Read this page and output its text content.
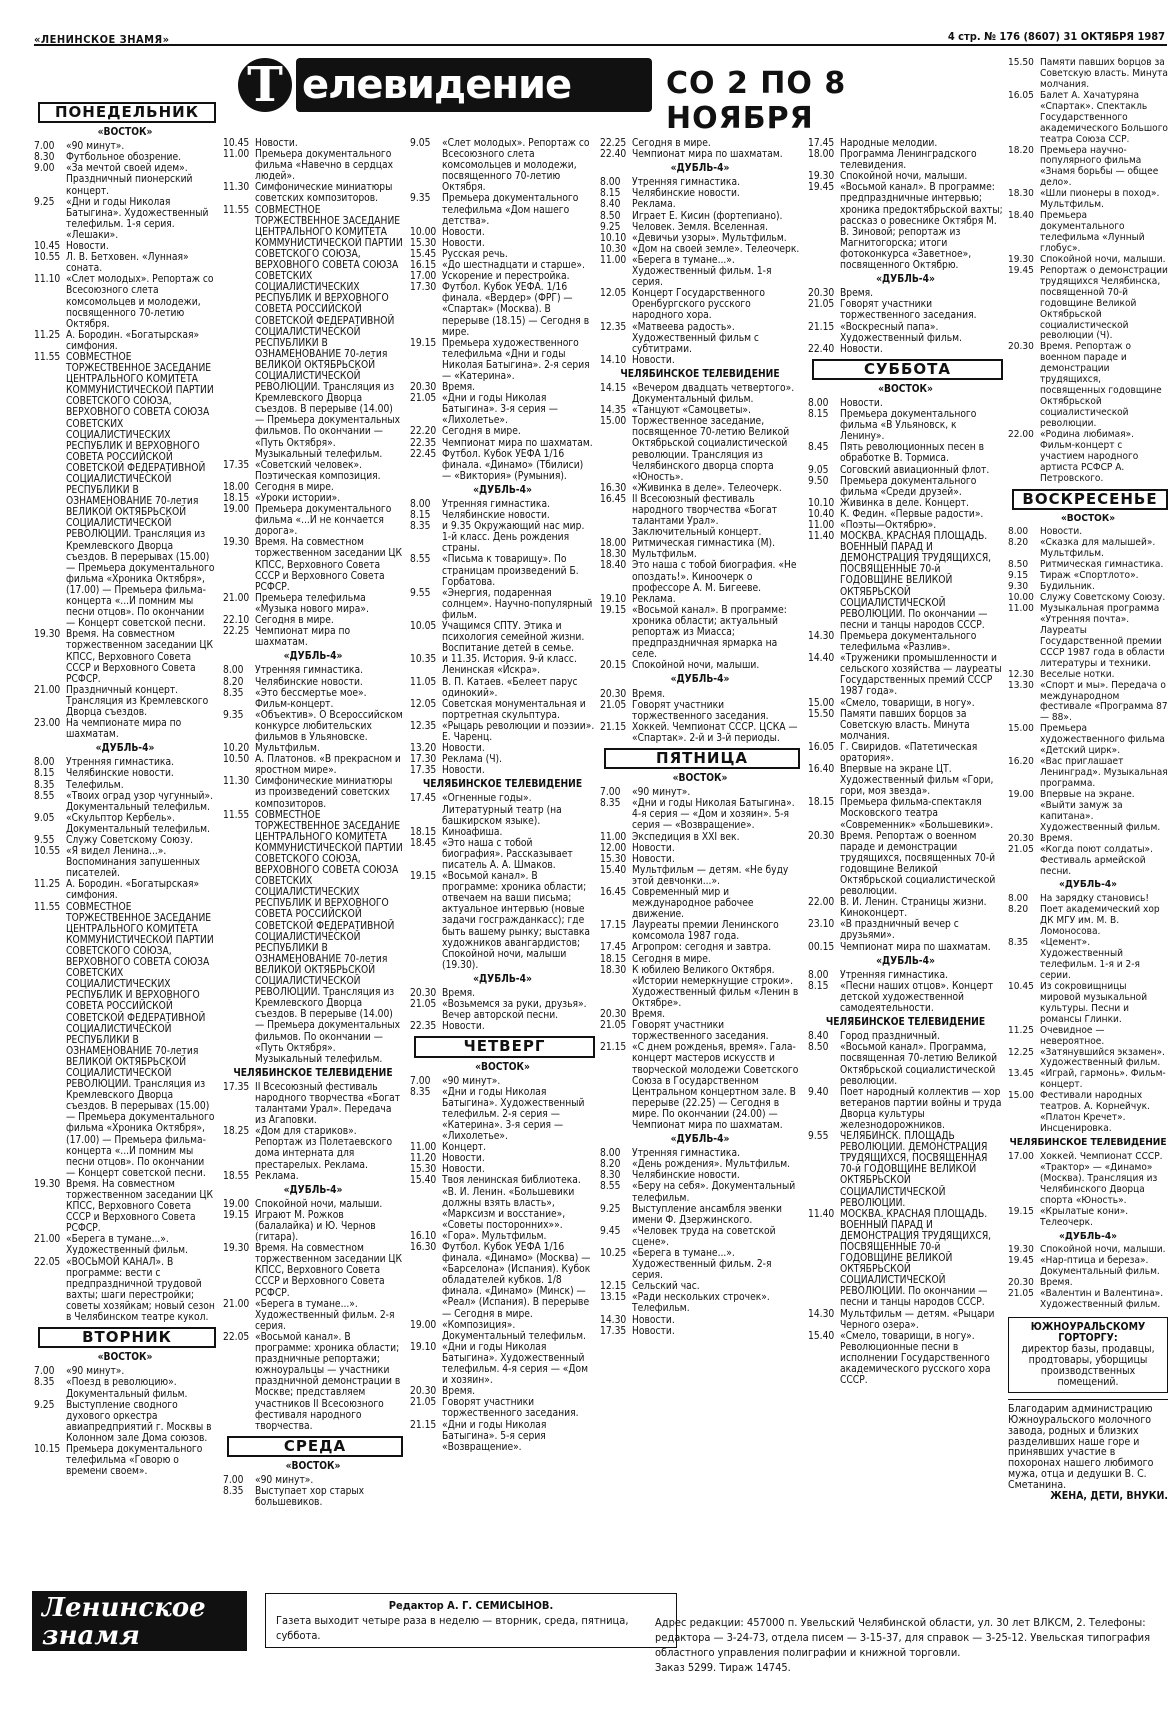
«ЛЕНИНСКОЕ ЗНАМЯ»	4 стр. № 176 (8607) 31 ОКТЯБРЯ 1987
Т елевидение	СО 2 ПО 8 НОЯБРЯ
ПОНЕДЕЛЬНИК
«ВОСТОК»
7.00	«90 минут».
8.30	Футбольное обозрение.
9.00	«За мечтой своей идем». Праздничный пионерский концерт.
9.25	«Дни и годы Николая Батыгина». Художественный телефильм. 1-я серия. «Лешаки».
10.45 Новости.
10.55 Л. В. Бетховен. «Лунная» соната.
11.10 «Слет молодых». Репортаж со Всесоюзного слета комсомольцев и молодежи, посвященного 70-летию Октября.
11.25 А. Бородин. «Богатырская» симфония.
11.55 СОВМЕСТНОЕ ТОРЖЕСТВЕННОЕ ЗАСЕДАНИЕ ЦЕНТРАЛЬНОГО КОМИТЕТА КОММУНИСТИЧЕСКОЙ ПАРТИИ СОВЕТСКОГО СОЮЗА, ВЕРХОВНОГО СОВЕТА СОЮЗА СОВЕТСКИХ СОЦИАЛИСТИЧЕСКИХ РЕСПУБЛИК И ВЕРХОВНОГО СОВЕТА РОССИЙСКОЙ СОВЕТСКОЙ ФЕДЕРАТИВНОЙ СОЦИАЛИСТИЧЕСКОЙ РЕСПУБЛИКИ В ОЗНАМЕНОВАНИЕ 70-летия ВЕЛИКОЙ ОКТЯБРЬСКОЙ СОЦИАЛИСТИЧЕСКОЙ РЕВОЛЮЦИИ. Трансляция из Кремлевского Дворца съездов. В перерывах (15.00) — Премьера документального фильма «Хроника Октября», (17.00) — Премьера фильма-концерта «...И помним мы песни отцов». По окончании — Концерт советской песни.
19.30 Время. На совместном торжественном заседании ЦК КПСС, Верховного Совета СССР и Верховного Совета РСФСР.
21.00 Праздничный концерт. Трансляция из Кремлевского Дворца съездов.
23.00 На чемпионате мира по шахматам.
«ДУБЛЬ-4»
8.00	Утренняя гимнастика.
8.15	Челябинские новости.
8.35	Телефильм.
8.55	«Твоих оград узор чугунный». Документальный телефильм.
9.05	«Скульптор Кербель». Документальный телефильм.
9.55	Служу Советскому Союзу.
10.55 «Я видел Ленина...». Воспоминания запушенных писателей.
11.25 А. Бородин. «Богатырская» симфония.
11.55 СОВМЕСТНОЕ ТОРЖЕСТВЕННОЕ ЗАСЕДАНИЕ ЦЕНТРАЛЬНОГО КОМИТЕТА КОММУНИСТИЧЕСКОЙ ПАРТИИ СОВЕТСКОГО СОЮЗА, ВЕРХОВНОГО СОВЕТА СОЮЗА СОВЕТСКИХ СОЦИАЛИСТИЧЕСКИХ РЕСПУБЛИК И ВЕРХОВНОГО СОВЕТА РОССИЙСКОЙ СОВЕТСКОЙ ФЕДЕРАТИВНОЙ СОЦИАЛИСТИЧЕСКОЙ РЕСПУБЛИКИ В ОЗНАМЕНОВАНИЕ 70-летия ВЕЛИКОЙ ОКТЯБРЬСКОЙ СОЦИАЛИСТИЧЕСКОЙ РЕВОЛЮЦИИ. Трансляция из Кремлевского Дворца съездов. В перерывах (15.00) — Премьера документального фильма «Хроника Октября», (17.00) — Премьера фильма-концерта «...И помним мы песни отцов». По окончании — Концерт советской песни.
19.30 Время. На совместном торжественном заседании ЦК КПСС, Верховного Совета СССР и Верховного Совета РСФСР.
21.00 «Берега в тумане...». Художественный фильм.
22.05 «ВОСЬМОЙ КАНАЛ». В программе: вести с предпраздничной трудовой вахты; шаги перестройки; советы хозяйкам; новый сезон в Челябинском театре кукол.
ВТОРНИК
«ВОСТОК»
7.00	«90 минут».
8.35	«Поезд в революцию». Документальный фильм.
9.25	Выступление сводного духового оркестра авиапредприятий г. Москвы в Колонном зале Дома союзов.
10.15 Премьера документального телефильма «Говорю о времени своем».
10.45 Новости.
11.00 Премьера документального фильма «Навечно в сердцах людей».
11.30 Симфонические миниатюры советских композиторов.
11.55 СОВМЕСТНОЕ ТОРЖЕСТВЕННОЕ ЗАСЕДАНИЕ ЦЕНТРАЛЬНОГО КОМИТЕТА КОММУНИСТИЧЕСКОЙ ПАРТИИ СОВЕТСКОГО СОЮЗА, ВЕРХОВНОГО СОВЕТА СОЮЗА СОВЕТСКИХ СОЦИАЛИСТИЧЕСКИХ РЕСПУБЛИК И ВЕРХОВНОГО СОВЕТА РОССИЙСКОЙ СОВЕТСКОЙ ФЕДЕРАТИВНОЙ СОЦИАЛИСТИЧЕСКОЙ РЕСПУБЛИКИ В ОЗНАМЕНОВАНИЕ 70-летия ВЕЛИКОЙ ОКТЯБРЬСКОЙ СОЦИАЛИСТИЧЕСКОЙ РЕВОЛЮЦИИ. Трансляция из Кремлевского Дворца съездов. В перерыве (14.00) — Премьера документальных фильмов. По окончании — «Путь Октября». Музыкальный телефильм.
17.35 «Советский человек». Поэтическая композиция.
18.00 Сегодня в мире.
18.15 «Уроки истории».
19.00 Премьера документального фильма «...И не кончается дорога».
19.30 Время. На совместном торжественном заседании ЦК КПСС, Верховного Совета СССР и Верховного Совета РСФСР.
21.00 Премьера телефильма «Музыка нового мира».
22.10 Сегодня в мире.
22.25 Чемпионат мира по шахматам.
«ДУБЛЬ-4»
8.00	Утренняя гимнастика.
8.20	Челябинские новости.
8.35	«Это бессмертье мое». Фильм-концерт.
9.35	«Объектив». О Всероссийском конкурсе любительских фильмов в Ульяновске.
10.20 Мультфильм.
10.50 А. Платонов. «В прекрасном и яростном мире».
11.30 Симфонические миниатюры из произведений советских композиторов.
11.55 СОВМЕСТНОЕ ТОРЖЕСТВЕННОЕ ЗАСЕДАНИЕ ЦЕНТРАЛЬНОГО КОМИТЕТА КОММУНИСТИЧЕСКОЙ ПАРТИИ СОВЕТСКОГО СОЮЗА, ВЕРХОВНОГО СОВЕТА СОЮЗА СОВЕТСКИХ СОЦИАЛИСТИЧЕСКИХ РЕСПУБЛИК И ВЕРХОВНОГО СОВЕТА РОССИЙСКОЙ СОВЕТСКОЙ ФЕДЕРАТИВНОЙ СОЦИАЛИСТИЧЕСКОЙ РЕСПУБЛИКИ В ОЗНАМЕНОВАНИЕ 70-летия ВЕЛИКОЙ ОКТЯБРЬСКОЙ СОЦИАЛИСТИЧЕСКОЙ РЕВОЛЮЦИИ. Трансляция из Кремлевского Дворца съездов. В перерыве (14.00) — Премьера документальных фильмов. По окончании — «Путь Октября». Музыкальный телефильм.
ЧЕЛЯБИНСКОЕ ТЕЛЕВИДЕНИЕ
17.35 II Всесоюзный фестиваль народного творчества «Богат талантами Урал». Передача из Агаповки.
18.25 «Дом для стариков». Репортаж из Полетаевского дома интерната для престарелых. Реклама.
18.55 Реклама.
«ДУБЛЬ-4»
19.00 Спокойной ночи, малыши.
19.15 Играют М. Рожков (балалайка) и Ю. Чернов (гитара).
19.30 Время. На совместном торжественном заседании ЦК КПСС, Верховного Совета СССР и Верховного Совета РСФСР.
21.00 «Берега в тумане...». Художественный фильм. 2-я серия.
22.05 «Восьмой канал». В программе: хроника области; праздничные репортажи; южноуральцы — участники праздничной демонстрации в Москве; представляем участников II Всесоюзного фестиваля народного творчества.
СРЕДА
«ВОСТОК»
7.00	«90 минут».
8.35	Выступает хор старых большевиков.
9.05	«Слет молодых». Репортаж со Всесоюзного слета комсомольцев и молодежи, посвященного 70-летию Октября.
9.35	Премьера документального телефильма «Дом нашего детства».
10.00 Новости.
15.30 Новости.
15.45 Русская речь.
16.15 «До шестнадцати и старше».
17.00 Ускорение и перестройка.
17.30 Футбол. Кубок УЕФА. 1/16 финала. «Вердер» (ФРГ) — «Спартак» (Москва). В перерыве (18.15) — Сегодня в мире.
19.15 Премьера художественного телефильма «Дни и годы Николая Батыгина». 2-я серия — «Катерина».
20.30 Время.
21.05 «Дни и годы Николая Батыгина». 3-я серия — «Лихолетье».
22.20 Сегодня в мире.
22.35 Чемпионат мира по шахматам.
22.45 Футбол. Кубок УЕФА 1/16 финала. «Динамо» (Тбилиси) — «Виктория» (Румыния).
«ДУБЛЬ-4»
8.00	Утренняя гимнастика.
8.15	Челябинские новости.
8.35	и 9.35 Окружающий нас мир. 1-й класс. День рождения страны.
8.55	«Письма к товарищу». По страницам произведений Б. Горбатова.
9.55	«Энергия, подаренная солнцем». Научно-популярный фильм.
10.05 Учащимся СПТУ. Этика и психология семейной жизни. Воспитание детей в семье.
10.35 и 11.35. История. 9-й класс. Ленинская «Искра».
11.05 В. П. Катаев. «Белеет парус одинокий».
12.05 Советская монументальная и портретная скульптура.
12.35 «Рыцарь революции и поэзии». Е. Чаренц.
13.20 Новости.
17.30 Реклама (Ч).
17.35 Новости.
ЧЕЛЯБИНСКОЕ ТЕЛЕВИДЕНИЕ
17.45 «Огненные годы». Литературный театр (на башкирском языке).
18.15 Киноафиша.
18.45 «Это наша с тобой биография». Рассказывает писатель А. А. Шмаков.
19.15 «Восьмой канал». В программе: хроника области; отвечаем на ваши письма; актуальное интервью (новые задачи госгражданкасс); где быть вашему рынку; выставка художников авангардистов; Спокойной ночи, малыши (19.30).
«ДУБЛЬ-4»
20.30 Время.
21.05 «Возьмемся за руки, друзья». Вечер авторской песни.
22.35 Новости.
ЧЕТВЕРГ
«ВОСТОК»
7.00	«90 минут».
8.35	«Дни и годы Николая Батыгина». Художественный телефильм. 2-я серия — «Катерина». 3-я серия — «Лихолетье».
11.00 Концерт.
11.20 Новости.
15.30 Новости.
15.40 Твоя ленинская библиотека. «В. И. Ленин. «Большевики должны взять власть», «Марксизм и восстание», «Советы посторонних»».
16.10 «Гора». Мультфильм.
16.30 Футбол. Кубок УЕФА 1/16 финала. «Динамо» (Москва) — «Барселона» (Испания). Кубок обладателей кубков. 1/8 финала. «Динамо» (Минск) — «Реал» (Испания). В перерыве — Сегодня в мире.
19.00 «Композиция». Документальный телефильм.
19.10 «Дни и годы Николая Батыгина». Художественный телефильм. 4-я серия — «Дом и хозяин».
20.30 Время.
21.05 Говорят участники торжественного заседания.
21.15 «Дни и годы Николая Батыгина». 5-я серия «Возвращение».
22.25 Сегодня в мире.
22.40 Чемпионат мира по шахматам.
«ДУБЛЬ-4»
8.00	Утренняя гимнастика.
8.15	Челябинские новости.
8.40	Реклама.
8.50	Играет Е. Кисин (фортепиано).
9.25	Человек. Земля. Вселенная.
10.10 «Девичьи узоры». Мультфильм.
10.30 «Дом на своей земле». Телеочерк.
11.00 «Берега в тумане...». Художественный фильм. 1-я серия.
12.05 Концерт Государственного Оренбургского русского народного хора.
12.35 «Матвеева радость». Художественный фильм с субтитрами.
14.10 Новости.
ЧЕЛЯБИНСКОЕ ТЕЛЕВИДЕНИЕ
14.15 «Вечером двадцать четвертого». Документальный фильм.
14.35 «Танцуют «Самоцветы».
15.00 Торжественное заседание, посвященное 70-летию Великой Октябрьской социалистической революции. Трансляция из Челябинского дворца спорта «Юность».
16.30 «Живинка в деле». Телеочерк.
16.45 II Всесоюзный фестиваль народного творчества «Богат талантами Урал». Заключительный концерт.
18.00 Ритмическая гимнастика (М).
18.30 Мультфильм.
18.40 Это наша с тобой биография. «Не опоздать!». Киноочерк о профессоре А. М. Бигееве.
19.10 Реклама.
19.15 «Восьмой канал». В программе: хроника области; актуальный репортаж из Миасса; предпраздничная ярмарка на селе.
20.15 Спокойной ночи, малыши.
«ДУБЛЬ-4»
20.30 Время.
21.05 Говорят участники торжественного заседания.
21.15 Хоккей. Чемпионат СССР. ЦСКА — «Спартак». 2-й и 3-й периоды.
ПЯТНИЦА
«ВОСТОК»
7.00	«90 минут».
8.35	«Дни и годы Николая Батыгина». 4-я серия — «Дом и хозяин». 5-я серия — «Возвращение».
11.00 Экспедиция в XXI век.
12.00 Новости.
15.30 Новости.
15.40 Мультфильм — детям. «Не буду этой девчонки...».
16.45 Современный мир и международное рабочее движение.
17.15 Лауреаты премии Ленинского комсомола 1987 года.
17.45 Агропром: сегодня и завтра.
18.15 Сегодня в мире.
18.30 К юбилею Великого Октября. «Истории немеркнущие строки». Художественный фильм «Ленин в Октябре».
20.30 Время.
21.05 Говорят участники торжественного заседания.
21.15 «С днем рожденья, время». Гала-концерт мастеров искусств и творческой молодежи Советского Союза в Государственном Центральном концертном зале. В перерыве (22.25) — Сегодня в мире. По окончании (24.00) — Чемпионат мира по шахматам.
«ДУБЛЬ-4»
8.00	Утренняя гимнастика.
8.20	«День рождения». Мультфильм.
8.30	Челябинские новости.
8.55	«Беру на себя». Документальный телефильм.
9.25	Выступление ансамбля эвенки имени Ф. Дзержинского.
9.45	«Человек труда на советской сцене».
10.25 «Берега в тумане...». Художественный фильм. 2-я серия.
12.15 Сельский час.
13.15 «Ради нескольких строчек». Телефильм.
14.30 Новости.
17.35 Новости.
17.45 Народные мелодии.
18.00 Программа Ленинградского телевидения.
19.30 Спокойной ночи, малыши.
19.45 «Восьмой канал». В программе: предпраздничные интервью; хроника предоктябрьской вахты; рассказ о ровеснике Октября М. В. Зиновой; репортаж из Магнитогорска; итоги фотоконкурса «Заветное», посвященного Октябрю.
«ДУБЛЬ-4»
20.30 Время.
21.05 Говорят участники торжественного заседания.
21.15 «Воскресный папа». Художественный фильм.
22.40 Новости.
СУББОТА
«ВОСТОК»
8.00	Новости.
8.15	Премьера документального фильма «В Ульяновск, к Ленину».
8.45	Пять революционных песен в обработке В. Тормиса.
9.05	Соговский авиационный флот.
9.50	Премьера документального фильма «Среди друзей».
10.10 Живинка в деле. Концерт.
10.40 К. Федин. «Первые радости».
11.00 «Поэты—Октябрю».
11.40 МОСКВА. КРАСНАЯ ПЛОЩАДЬ. ВОЕННЫЙ ПАРАД И ДЕМОНСТРАЦИЯ ТРУДЯЩИХСЯ, ПОСВЯЩЕННЫЕ 70-й ГОДОВЩИНЕ ВЕЛИКОЙ ОКТЯБРЬСКОЙ СОЦИАЛИСТИЧЕСКОЙ РЕВОЛЮЦИИ. По окончании — песни и танцы народов СССР.
14.30 Премьера документального телефильма «Разлив».
14.40 «Труженики промышленности и сельского хозяйства — лауреаты Государственных премий СССР 1987 года».
15.00 «Смело, товарищи, в ногу».
15.50 Памяти павших борцов за Советскую власть. Минута молчания.
16.05 Г. Свиридов. «Патетическая оратория».
16.40 Впервые на экране ЦТ. Художественный фильм «Гори, гори, моя звезда».
18.15 Премьера фильма-спектакля Московского театра «Современник» «Большевики».
20.30 Время. Репортаж о военном параде и демонстрации трудящихся, посвященных 70-й годовщине Великой Октябрьской социалистической революции.
22.00 В. И. Ленин. Страницы жизни. Киноконцерт.
23.10 «В праздничный вечер с друзьями».
00.15 Чемпионат мира по шахматам.
«ДУБЛЬ-4»
8.00	Утренняя гимнастика.
8.15	«Песни наших отцов». Концерт детской художественной самодеятельности.
ЧЕЛЯБИНСКОЕ ТЕЛЕВИДЕНИЕ
8.40	Город праздничный.
8.50	«Восьмой канал». Программа, посвященная 70-летию Великой Октябрьской социалистической революции.
9.40	Поет народный коллектив — хор ветеранов партии войны и труда Дворца культуры железнодорожников.
9.55	ЧЕЛЯБИНСК. ПЛОЩАДЬ РЕВОЛЮЦИИ. ДЕМОНСТРАЦИЯ ТРУДЯЩИХСЯ, ПОСВЯЩЕННАЯ 70-й ГОДОВЩИНЕ ВЕЛИКОЙ ОКТЯБРЬСКОЙ СОЦИАЛИСТИЧЕСКОЙ РЕВОЛЮЦИИ.
11.40 МОСКВА. КРАСНАЯ ПЛОЩАДЬ. ВОЕННЫЙ ПАРАД И ДЕМОНСТРАЦИЯ ТРУДЯЩИХСЯ, ПОСВЯЩЕННЫЕ 70-й ГОДОВЩИНЕ ВЕЛИКОЙ ОКТЯБРЬСКОЙ СОЦИАЛИСТИЧЕСКОЙ РЕВОЛЮЦИИ. По окончании — песни и танцы народов СССР.
14.30 Мультфильм — детям. «Рыцари Черного озера».
15.40 «Смело, товарищи, в ногу». Революционные песни в исполнении Государственного академического русского хора СССР.
15.50 Памяти павших борцов за Советскую власть. Минута молчания.
16.05 Балет А. Хачатуряна «Спартак». Спектакль Государственного академического Большого театра Союза ССР.
18.20 Премьера научно-популярного фильма «Знамя борьбы — общее дело».
18.30 «Шли пионеры в поход». Мультфильм.
18.40 Премьера документального телефильма «Лунный глобус».
19.30 Спокойной ночи, малыши.
19.45 Репортаж о демонстрации трудящихся Челябинска, посвященной 70-й годовщине Великой Октябрьской социалистической революции (Ч).
20.30 Время. Репортаж о военном параде и демонстрации трудящихся, посвященных годовщине Октябрьской социалистической революции.
22.00 «Родина любимая». Фильм-концерт с участием народного артиста РСФСР А. Петровского.
ВОСКРЕСЕНЬЕ
«ВОСТОК»
8.00	Новости.
8.20	«Сказка для малышей». Мультфильм.
8.50	Ритмическая гимнастика.
9.15	Тираж «Спортлото».
9.30	Будильник.
10.00 Служу Советскому Союзу.
11.00 Музыкальная программа «Утренняя почта». Лауреаты Государственной премии СССР 1987 года в области литературы и техники.
12.30 Веселые нотки.
13.30 «Спорт и мы». Передача о международном фестивале «Программа 87 — 88».
15.00 Премьера художественного фильма «Детский цирк».
16.20 «Вас приглашает Ленинград». Музыкальная программа.
19.00 Впервые на экране. «Выйти замуж за капитана». Художественный фильм.
20.30 Время.
21.05 «Когда поют солдаты». Фестиваль армейской песни.
«ДУБЛЬ-4»
8.00	На зарядку становись!
8.20	Поет академический хор ДК МГУ им. М. В. Ломоносова.
8.35	«Цемент». Художественный телефильм. 1-я и 2-я серии.
10.45 Из сокровищницы мировой музыкальной культуры. Песни и романсы Глинки.
11.25 Очевидное — невероятное.
12.25 «Затянувшийся экзамен». Художественный фильм.
13.45 «Играй, гармонь». Фильм-концерт.
15.00 Фестивали народных театров. А. Корнейчук. «Платон Кречет». Инсценировка.
ЧЕЛЯБИНСКОЕ ТЕЛЕВИДЕНИЕ
17.00 Хоккей. Чемпионат СССР. «Трактор» — «Динамо» (Москва). Трансляция из Челябинского Дворца спорта «Юность».
19.15 «Крылатые кони». Телеочерк.
«ДУБЛЬ-4»
19.30 Спокойной ночи, малыши.
19.45 «Нар-птица и береза». Документальный фильм.
20.30 Время.
21.05 «Валентин и Валентина». Художественный фильм.
ЮЖНОУРАЛЬСКОМУ ГОРТОРГУ:
директор базы, продавцы, продтовары, уборщицы производственных помещений.
Благодарим администрацию Южноуральского молочного завода, родных и близких разделивших наше горе и принявших участие в похоронах нашего любимого мужа, отца и дедушки В. С. Сметанина.
ЖЕНА, ДЕТИ, ВНУКИ.
Ленинское знамя
Редактор А. Г. СЕМИСЫНОВ.
Газета выходит четыре раза в неделю — вторник, среда, пятница, суббота.
Адрес редакции: 457000 п. Увельский Челябинской области, ул. 30 лет ВЛКСМ, 2. Телефоны: редактора — 3-24-73, отдела писем — 3-15-37, для справок — 3-25-12. Увельская типография областного управления полиграфии и книжной торговли.
Заказ 5299. Тираж 14745.
